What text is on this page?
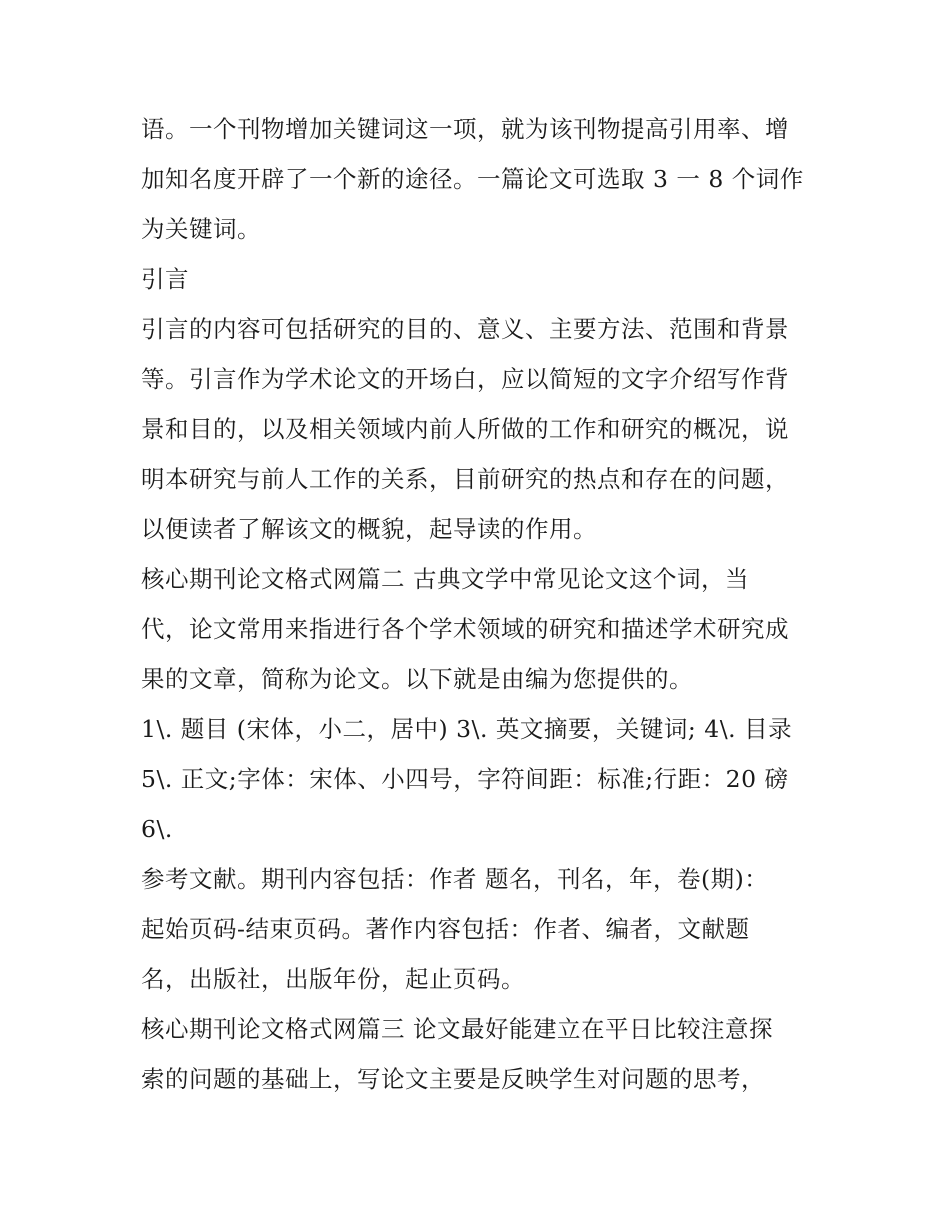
语。一个刊物增加关键词这一项，就为该刊物提高引用率、增
加知名度开辟了一个新的途径。一篇论文可选取 3 一 8 个词作
为关键词。
引言
引言的内容可包括研究的目的、意义、主要方法、范围和背景
等。引言作为学术论文的开场白，应以简短的文字介绍写作背
景和目的，以及相关领域内前人所做的工作和研究的概况，说
明本研究与前人工作的关系，目前研究的热点和存在的问题，
以便读者了解该文的概貌，起导读的作用。
核心期刊论文格式网篇二 古典文学中常见论文这个词，当
代，论文常用来指进行各个学术领域的研究和描述学术研究成
果的文章，简称为论文。以下就是由编为您提供的。
1\. 题目 (宋体，小二，居中) 3\. 英文摘要，关键词; 4\. 目录
5\. 正文;字体：宋体、小四号，字符间距：标准;行距：20 磅
6\.
参考文献。期刊内容包括：作者 题名，刊名，年，卷(期)：
起始页码-结束页码。著作内容包括：作者、编者，文献题
名，出版社，出版年份，起止页码。
核心期刊论文格式网篇三 论文最好能建立在平日比较注意探
索的问题的基础上，写论文主要是反映学生对问题的思考，
